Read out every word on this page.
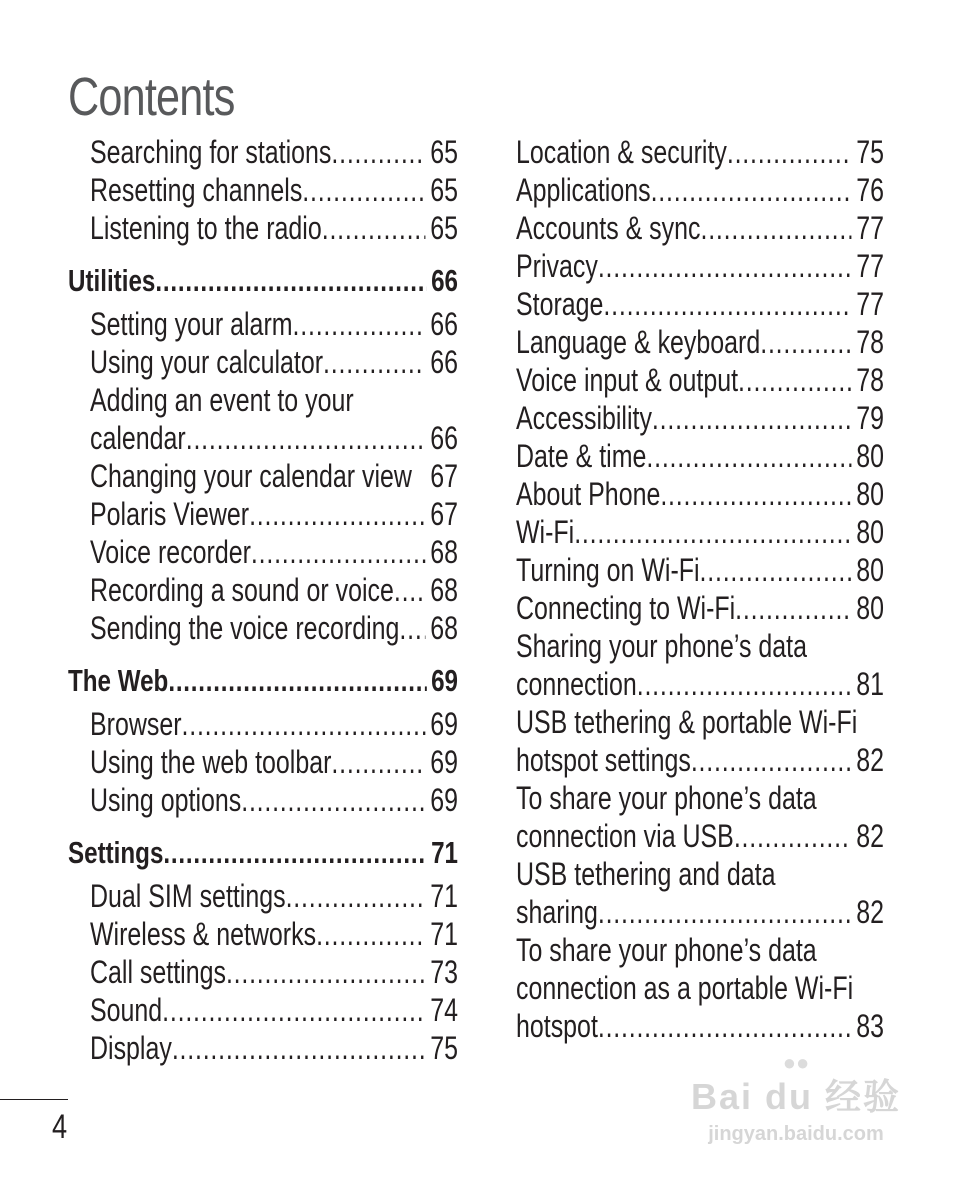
Contents
Searching for stations .....	65
Resetting channels .....	65
Listening to the radio .....	65
Utilities .....	66
Setting your alarm .....	66
Using your calculator .....	66
Adding an event to your
calendar .....	66
Changing your calendar view 67
Polaris Viewer .....	67
Voice recorder .....	68
Recording a sound or voice ..... 68
Sending the voice recording ..... 68
The Web .....	69
Browser .....	69
Using the web toolbar .....	69
Using options .....	69
Settings .....	71
Dual SIM settings .....	71
Wireless & networks .....	71
Call settings .....	73
Sound .....	74
Display .....	75
Location & security .....	75
Applications .....	76
Accounts & sync .....	77
Privacy .....	77
Storage .....	77
Language & keyboard .....	78
Voice input & output .....	78
Accessibility .....	79
Date & time .....	80
About Phone .....	80
Wi-Fi .....	80
Turning on Wi-Fi .....	80
Connecting to Wi-Fi .....	80
Sharing your phone’s data
connection .....	81
USB tethering & portable Wi-Fi
hotspot settings .....	82
To share your phone’s data
connection via USB .....	82
USB tethering and data
sharing .....	82
To share your phone’s data
connection as a portable Wi-Fi
hotspot .....	83
4
●●
Bai du 经验
jingyan.baidu.com
